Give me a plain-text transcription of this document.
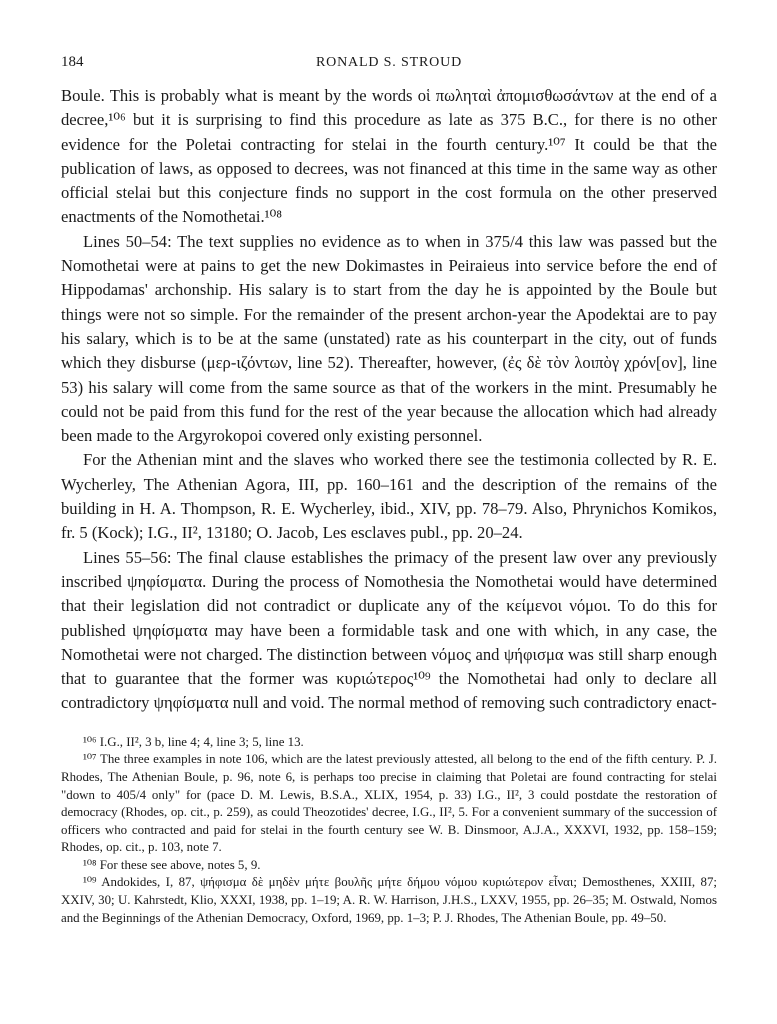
184	RONALD S. STROUD

Boule. This is probably what is meant by the words οἱ πωληταὶ ἀπομισθωσάντων at the end of a decree,¹⁰⁶ but it is surprising to find this procedure as late as 375 B.C., for there is no other evidence for the Poletai contracting for stelai in the fourth century.¹⁰⁷ It could be that the publication of laws, as opposed to decrees, was not financed at this time in the same way as other official stelai but this conjecture finds no support in the cost formula on the other preserved enactments of the Nomothetai.¹⁰⁸

Lines 50–54: The text supplies no evidence as to when in 375/4 this law was passed but the Nomothetai were at pains to get the new Dokimastes in Peiraieus into service before the end of Hippodamas' archonship. His salary is to start from the day he is appointed by the Boule but things were not so simple. For the remainder of the present archon-year the Apodektai are to pay his salary, which is to be at the same (unstated) rate as his counterpart in the city, out of funds which they disburse (μερ-ιζόντων, line 52). Thereafter, however, (ἐς δὲ τὸν λοιπὸγ χρόν[ον], line 53) his salary will come from the same source as that of the workers in the mint. Presumably he could not be paid from this fund for the rest of the year because the allocation which had already been made to the Argyrokopoi covered only existing personnel.

For the Athenian mint and the slaves who worked there see the testimonia collected by R. E. Wycherley, The Athenian Agora, III, pp. 160–161 and the description of the remains of the building in H. A. Thompson, R. E. Wycherley, ibid., XIV, pp. 78–79. Also, Phrynichos Komikos, fr. 5 (Kock); I.G., II², 13180; O. Jacob, Les esclaves publ., pp. 20–24.

Lines 55–56: The final clause establishes the primacy of the present law over any previously inscribed ψηφίσματα. During the process of Nomothesia the Nomothetai would have determined that their legislation did not contradict or duplicate any of the κείμενοι νόμοι. To do this for published ψηφίσματα may have been a formidable task and one with which, in any case, the Nomothetai were not charged. The distinction between νόμος and ψήφισμα was still sharp enough that to guarantee that the former was κυριώτερος¹⁰⁹ the Nomothetai had only to declare all contradictory ψηφίσματα null and void. The normal method of removing such contradictory enact-

¹⁰⁶ I.G., II², 3 b, line 4; 4, line 3; 5, line 13.

¹⁰⁷ The three examples in note 106, which are the latest previously attested, all belong to the end of the fifth century. P. J. Rhodes, The Athenian Boule, p. 96, note 6, is perhaps too precise in claiming that Poletai are found contracting for stelai "down to 405/4 only" for (pace D. M. Lewis, B.S.A., XLIX, 1954, p. 33) I.G., II², 3 could postdate the restoration of democracy (Rhodes, op. cit., p. 259), as could Theozotides' decree, I.G., II², 5. For a convenient summary of the succession of officers who contracted and paid for stelai in the fourth century see W. B. Dinsmoor, A.J.A., XXXVI, 1932, pp. 158–159; Rhodes, op. cit., p. 103, note 7.

¹⁰⁸ For these see above, notes 5, 9.

¹⁰⁹ Andokides, I, 87, ψήφισμα δὲ μηδὲν μήτε βουλῆς μήτε δήμου νόμου κυριώτερον εἶναι; Demosthenes, XXIII, 87; XXIV, 30; U. Kahrstedt, Klio, XXXI, 1938, pp. 1–19; A. R. W. Harrison, J.H.S., LXXV, 1955, pp. 26–35; M. Ostwald, Nomos and the Beginnings of the Athenian Democracy, Oxford, 1969, pp. 1–3; P. J. Rhodes, The Athenian Boule, pp. 49–50.
